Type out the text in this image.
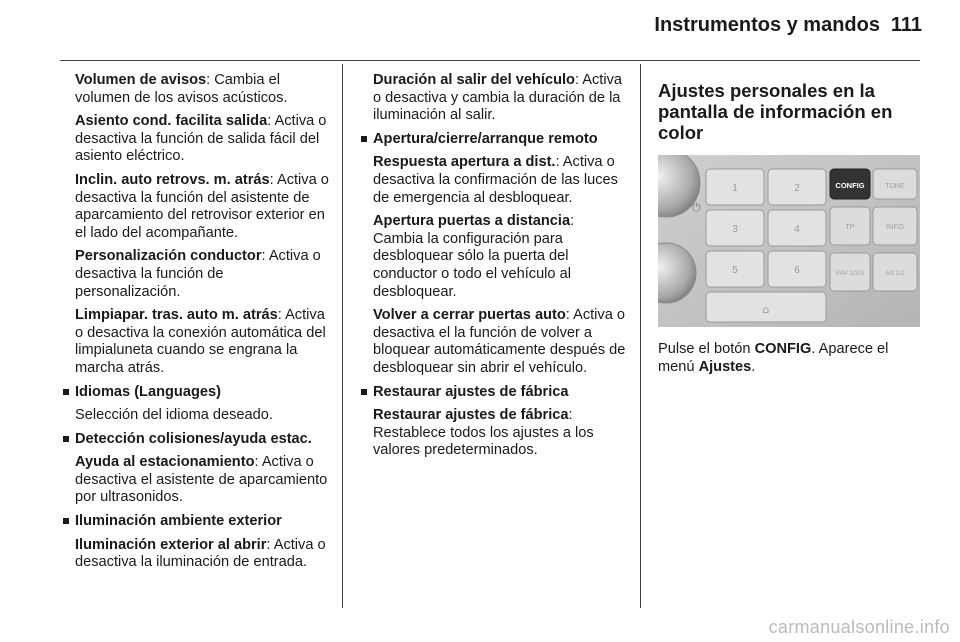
Instrumentos y mandos 111
Volumen de avisos: Cambia el volumen de los avisos acústicos.
Asiento cond. facilita salida: Activa o desactiva la función de salida fácil del asiento eléctrico.
Inclin. auto retrovs. m. atrás: Activa o desactiva la función del asistente de aparcamiento del retrovisor exterior en el lado del acompañante.
Personalización conductor: Activa o desactiva la función de personalización.
Limpiapar. tras. auto m. atrás: Activa o desactiva la conexión automática del limpialuneta cuando se engrana la marcha atrás.
Idiomas (Languages)
Selección del idioma deseado.
Detección colisiones/ayuda estac.
Ayuda al estacionamiento: Activa o desactiva el asistente de aparcamiento por ultrasonidos.
Iluminación ambiente exterior
Iluminación exterior al abrir: Activa o desactiva la iluminación de entrada.
Duración al salir del vehículo: Activa o desactiva y cambia la duración de la iluminación al salir.
Apertura/cierre/arranque remoto
Respuesta apertura a dist.: Activa o desactiva la confirmación de las luces de emergencia al desbloquear.
Apertura puertas a distancia: Cambia la configuración para desbloquear sólo la puerta del conductor o todo el vehículo al desbloquear.
Volver a cerrar puertas auto: Activa o desactiva el la función de volver a bloquear automáticamente después de desbloquear sin abrir el vehículo.
Restaurar ajustes de fábrica
Restaurar ajustes de fábrica: Restablece todos los ajustes a los valores predeterminados.
Ajustes personales en la pantalla de información en color
⏻
1	2
3	4
5	6
⌂
CONFIG	TONE
TP	INFO
FAV 1/2/3	AS 1/2
Pulse el botón CONFIG. Aparece el menú Ajustes.
carmanualsonline.info
